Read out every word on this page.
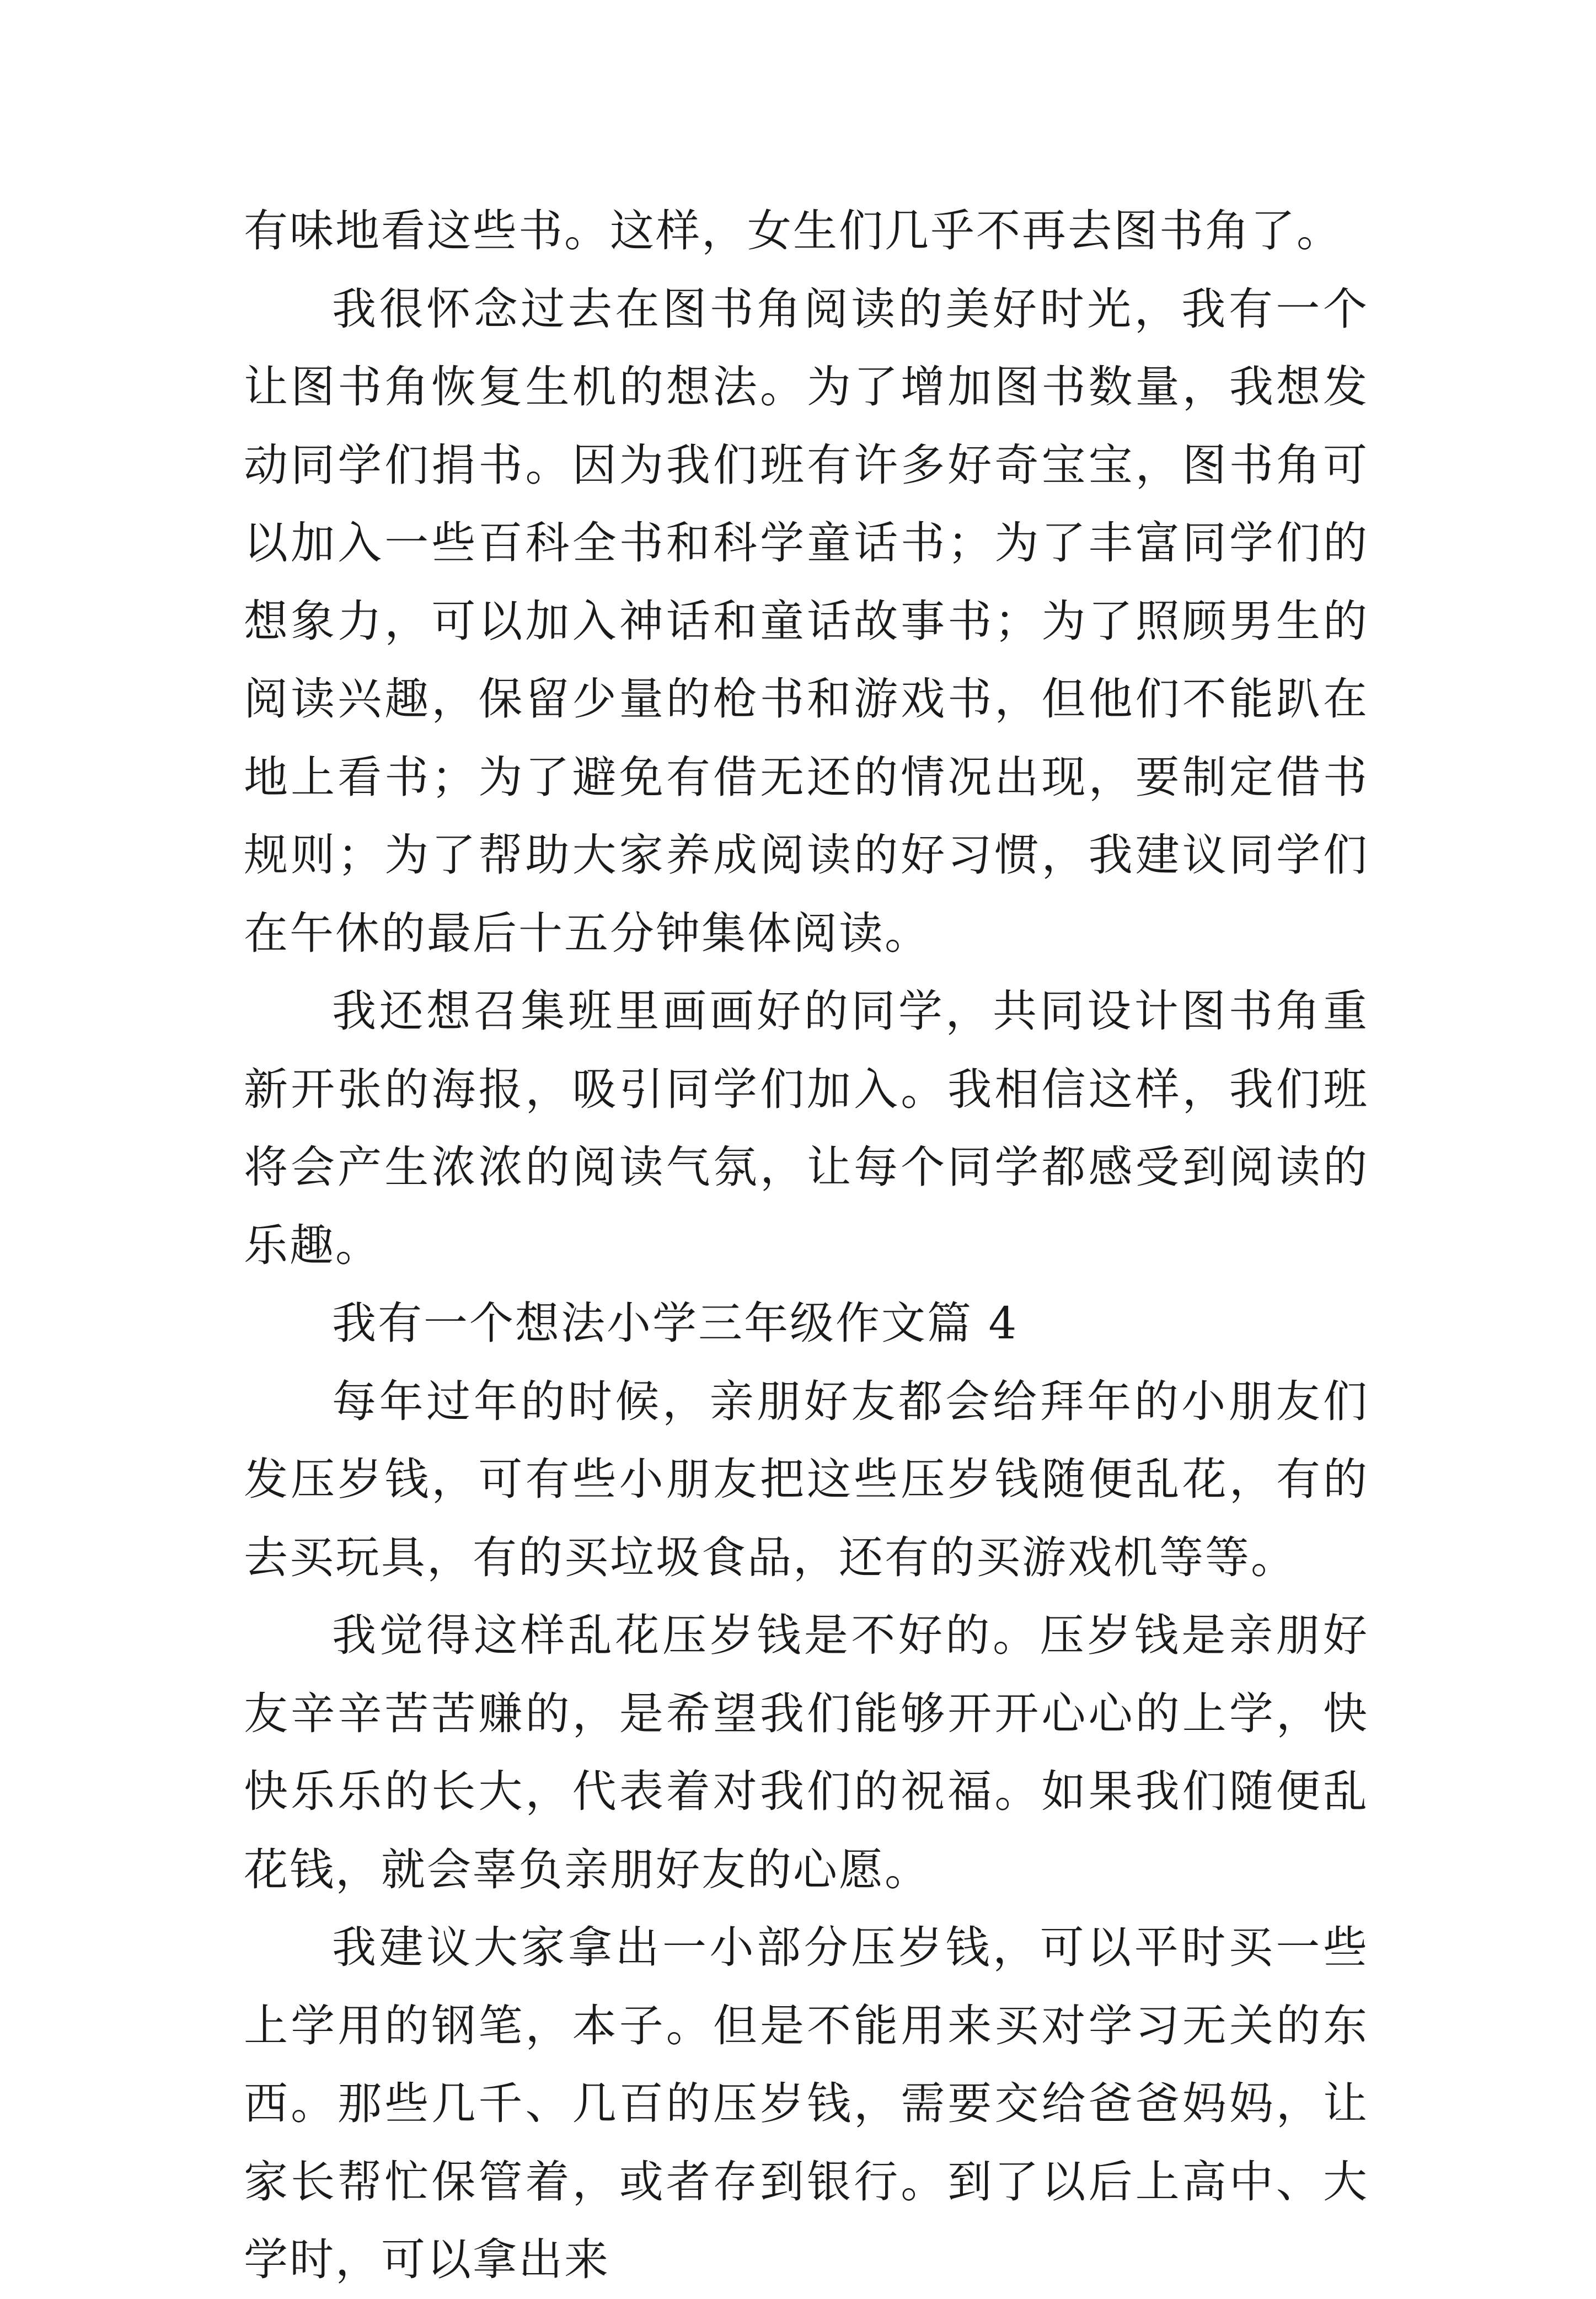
有味地看这些书。这样，女生们几乎不再去图书角了。

我很怀念过去在图书角阅读的美好时光，我有一个让图书角恢复生机的想法。为了增加图书数量，我想发动同学们捐书。因为我们班有许多好奇宝宝，图书角可以加入一些百科全书和科学童话书；为了丰富同学们的想象力，可以加入神话和童话故事书；为了照顾男生的阅读兴趣，保留少量的枪书和游戏书，但他们不能趴在地上看书；为了避免有借无还的情况出现，要制定借书规则；为了帮助大家养成阅读的好习惯，我建议同学们在午休的最后十五分钟集体阅读。

我还想召集班里画画好的同学，共同设计图书角重新开张的海报，吸引同学们加入。我相信这样，我们班将会产生浓浓的阅读气氛，让每个同学都感受到阅读的乐趣。

我有一个想法小学三年级作文篇 4

每年过年的时候，亲朋好友都会给拜年的小朋友们发压岁钱，可有些小朋友把这些压岁钱随便乱花，有的去买玩具，有的买垃圾食品，还有的买游戏机等等。

我觉得这样乱花压岁钱是不好的。压岁钱是亲朋好友辛辛苦苦赚的，是希望我们能够开开心心的上学，快快乐乐的长大，代表着对我们的祝福。如果我们随便乱花钱，就会辜负亲朋好友的心愿。

我建议大家拿出一小部分压岁钱，可以平时买一些上学用的钢笔，本子。但是不能用来买对学习无关的东西。那些几千、几百的压岁钱，需要交给爸爸妈妈，让家长帮忙保管着，或者存到银行。到了以后上高中、大学时，可以拿出来
